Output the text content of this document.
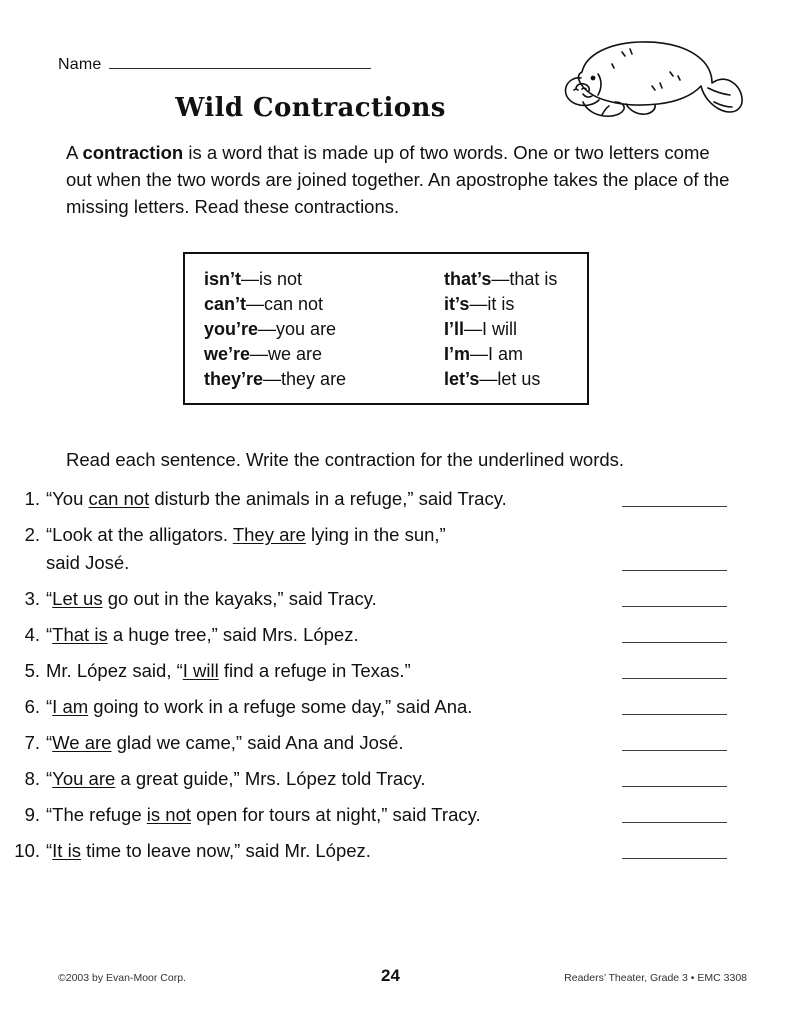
Name
Wild Contractions
A contraction is a word that is made up of two words. One or two letters come out when the two words are joined together. An apostrophe takes the place of the missing letters. Read these contractions.
isn’t—is not
can’t—can not
you’re—you are
we’re—we are
they’re—they are
that’s—that is
it’s—it is
I’ll—I will
I’m—I am
let’s—let us
Read each sentence. Write the contraction for the underlined words.
1. “You can not disturb the animals in a refuge,” said Tracy.
2. “Look at the alligators. They are lying in the sun,”
said José.
3. “Let us go out in the kayaks,” said Tracy.
4. “That is a huge tree,” said Mrs. López.
5. Mr. López said, “I will find a refuge in Texas.”
6. “I am going to work in a refuge some day,” said Ana.
7. “We are glad we came,” said Ana and José.
8. “You are a great guide,” Mrs. López told Tracy.
9. “The refuge is not open for tours at night,” said Tracy.
10. “It is time to leave now,” said Mr. López.
©2003 by Evan-Moor Corp.	24	Readers’ Theater, Grade 3 • EMC 3308
